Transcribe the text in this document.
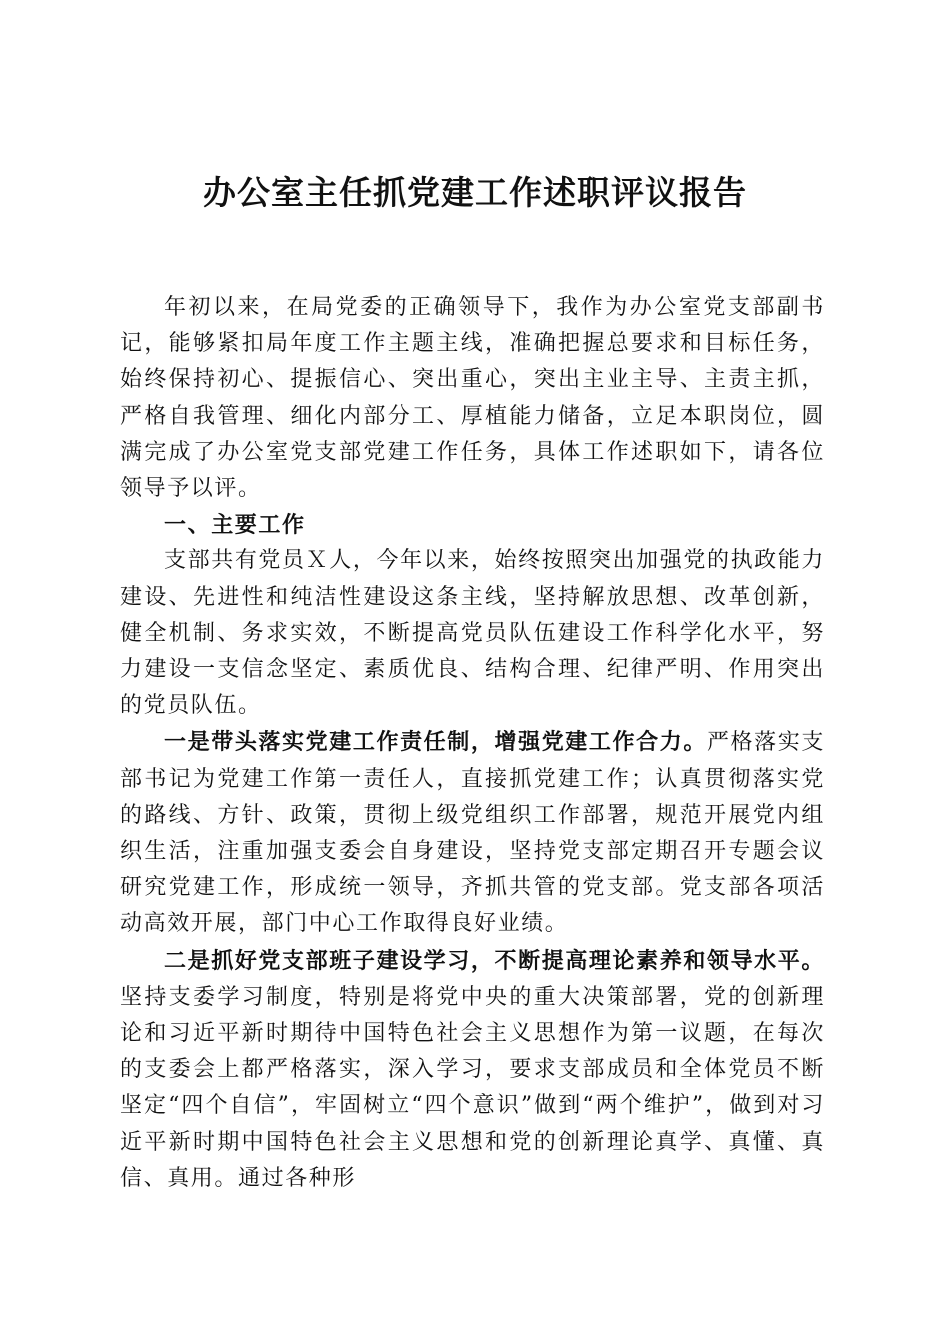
办公室主任抓党建工作述职评议报告

年初以来，在局党委的正确领导下，我作为办公室党支部副书记，能够紧扣局年度工作主题主线，准确把握总要求和目标任务，始终保持初心、提振信心、突出重心，突出主业主导、主责主抓，严格自我管理、细化内部分工、厚植能力储备，立足本职岗位，圆满完成了办公室党支部党建工作任务，具体工作述职如下，请各位领导予以评。

一、主要工作

支部共有党员Ｘ人，今年以来，始终按照突出加强党的执政能力建设、先进性和纯洁性建设这条主线，坚持解放思想、改革创新，健全机制、务求实效，不断提高党员队伍建设工作科学化水平，努力建设一支信念坚定、素质优良、结构合理、纪律严明、作用突出的党员队伍。

一是带头落实党建工作责任制，增强党建工作合力。严格落实支部书记为党建工作第一责任人，直接抓党建工作；认真贯彻落实党的路线、方针、政策，贯彻上级党组织工作部署，规范开展党内组织生活，注重加强支委会自身建设，坚持党支部定期召开专题会议研究党建工作，形成统一领导，齐抓共管的党支部。党支部各项活动高效开展，部门中心工作取得良好业绩。

二是抓好党支部班子建设学习，不断提高理论素养和领导水平。坚持支委学习制度，特别是将党中央的重大决策部署，党的创新理论和习近平新时期待中国特色社会主义思想作为第一议题，在每次的支委会上都严格落实，深入学习，要求支部成员和全体党员不断坚定“四个自信”，牢固树立“四个意识”做到“两个维护”，做到对习近平新时期中国特色社会主义思想和党的创新理论真学、真懂、真信、真用。通过各种形
